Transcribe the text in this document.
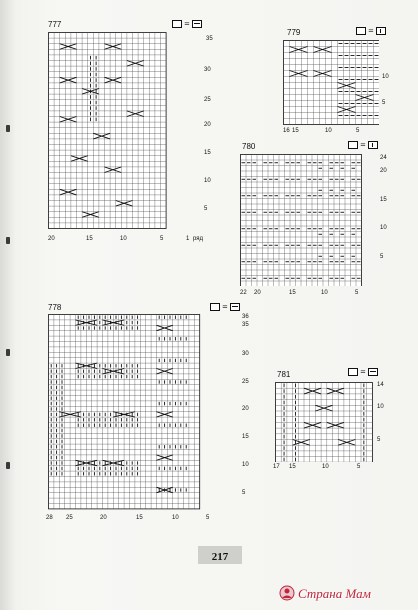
777	=
35
30
25
20
15
10
5
20	15	10	5	1 ряд
779	=
10
5
16 15	10	5
780	=
24
20
15
10
5
22 20	15	10	5
778	=
36
35
30
25
20
15
10
5
28 25	20	15	10	5
781	=
14
10
5
17 15	10	5
217
Страна Мам
